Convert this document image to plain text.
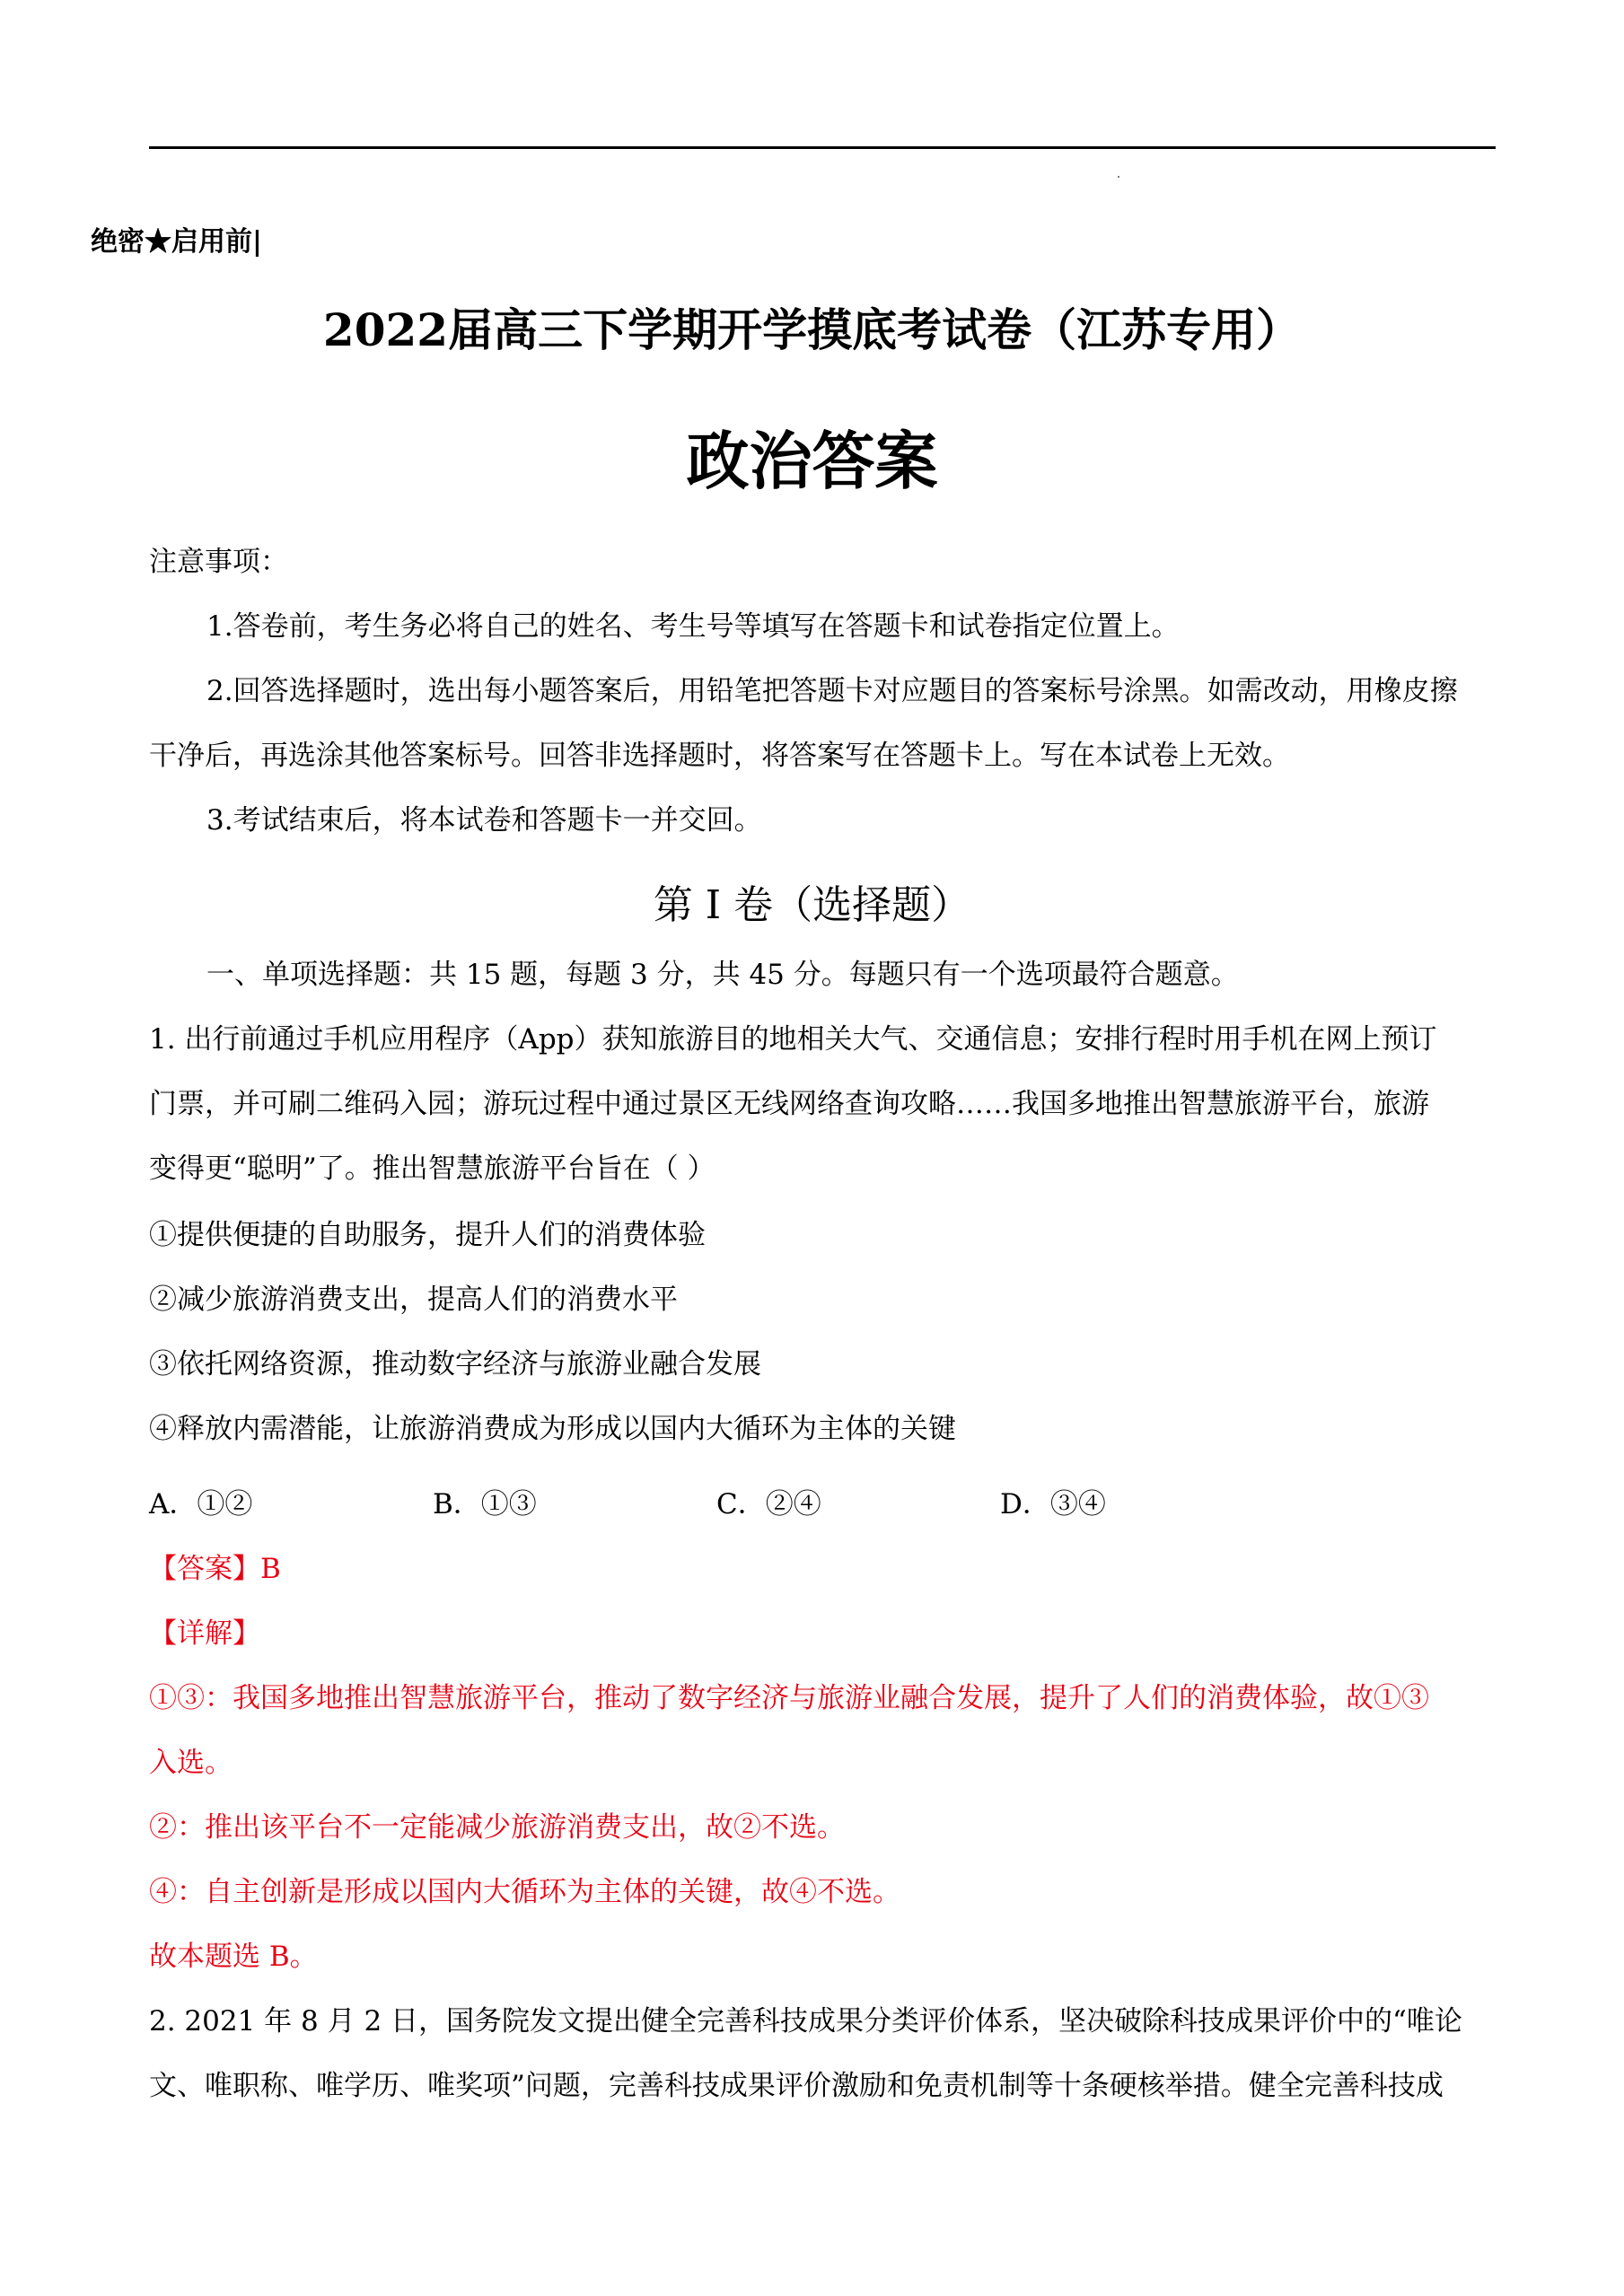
绝密★启用前|
2022届高三下学期开学摸底考试卷（江苏专用）
政治答案
注意事项：
1.答卷前，考生务必将自己的姓名、考生号等填写在答题卡和试卷指定位置上。
2.回答选择题时，选出每小题答案后，用铅笔把答题卡对应题目的答案标号涂黑。如需改动，用橡皮擦
干净后，再选涂其他答案标号。回答非选择题时，将答案写在答题卡上。写在本试卷上无效。
3.考试结束后，将本试卷和答题卡一并交回。
第 I 卷（选择题）
一、单项选择题：共 15 题，每题 3 分，共 45 分。每题只有一个选项最符合题意。
1. 出行前通过手机应用程序（App）获知旅游目的地相关大气、交通信息；安排行程时用手机在网上预订
门票，并可刷二维码入园；游玩过程中通过景区无线网络查询攻略……我国多地推出智慧旅游平台，旅游
变得更“聪明”了。推出智慧旅游平台旨在（ ）
①提供便捷的自助服务，提升人们的消费体验
②减少旅游消费支出，提高人们的消费水平
③依托网络资源，推动数字经济与旅游业融合发展
④释放内需潜能，让旅游消费成为形成以国内大循环为主体的关键
A．①②	B．①③	C．②④	D．③④
【答案】B
【详解】
①③：我国多地推出智慧旅游平台，推动了数字经济与旅游业融合发展，提升了人们的消费体验，故①③
入选。
②：推出该平台不一定能减少旅游消费支出，故②不选。
④：自主创新是形成以国内大循环为主体的关键，故④不选。
故本题选 B。
2. 2021 年 8 月 2 日，国务院发文提出健全完善科技成果分类评价体系，坚决破除科技成果评价中的“唯论
文、唯职称、唯学历、唯奖项”问题，完善科技成果评价激励和免责机制等十条硬核举措。健全完善科技成
